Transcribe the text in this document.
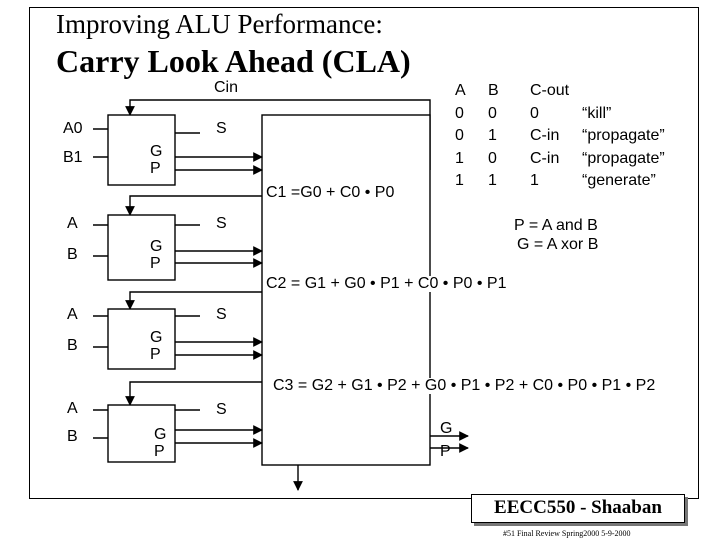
Improving ALU Performance:
Carry Look Ahead (CLA)
Cin
A0
B1
S
G
P
A
B
S
G
P
A
B
S
G
P
A
B
S
G
P
C1 =G0 + C0 • P0
C2 = G1 + G0 • P1 + C0 • P0 • P1
C3 = G2 + G1 • P2 + G0 • P1 • P2 + C0 • P0 • P1 • P2
G
P
P = A and B
G = A xor B
A
0
0
1
1
B
0
1
0
1
C-out
0
C-in
C-in
1

“kill”
“propagate”
“propagate”
“generate”
EECC550 - Shaaban
#51 Final Review Spring2000 5-9-2000
